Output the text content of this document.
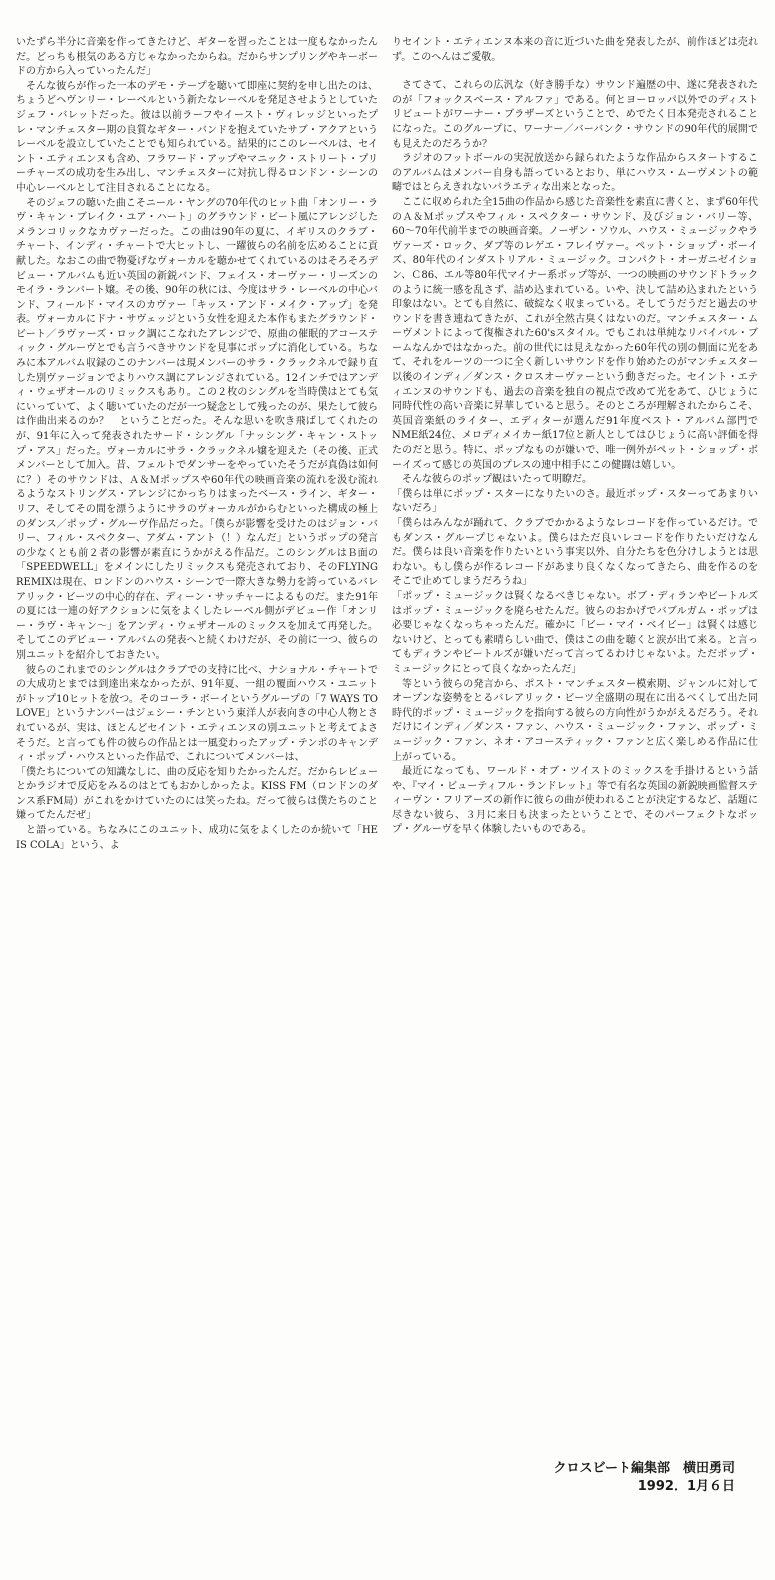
いたずら半分に音楽を作ってきたけど、ギターを習ったことは一度もなかったんだ。どっちも根気のある方じゃなかったからね。だからサンプリングやキーボードの方から入っていったんだ」

そんな彼らが作った一本のデモ・テープを聴いて即座に契約を申し出たのは、ちょうどヘヴンリー・レーベルという新たなレーベルを発足させようとしていたジェフ・バレットだった。彼は以前ラーフやイースト・ヴィレッジといったプレ・マンチェスター期の良質なギター・バンドを抱えていたサブ・アクアというレーベルを設立していたことでも知られている。結果的にこのレーベルは、セイント・エティエンヌも含め、フラワード・アップやマニック・ストリート・プリーチャーズの成功を生み出し、マンチェスターに対抗し得るロンドン・シーンの中心レーベルとして注目されることになる。

そのジェフの聴いた曲こそニール・ヤングの70年代のヒット曲「オンリー・ラヴ・キャン・ブレイク・ユア・ハート」のグラウンド・ビート風にアレンジしたメランコリックなカヴァーだった。この曲は90年の夏に、イギリスのクラブ・チャート、インディ・チャートで大ヒットし、一躍彼らの名前を広めることに貢献した。なおこの曲で物憂げなヴォーカルを聴かせてくれているのはそろそろデビュー・アルバムも近い英国の新鋭バンド、フェイス・オーヴァー・リーズンのモイラ・ランバート嬢。その後、90年の秋には、今度はサラ・レーベルの中心バンド、フィールド・マイスのカヴァー「キッス・アンド・メイク・アップ」を発表。ヴォーカルにドナ・サヴェッジという女性を迎えた本作もまたグラウンド・ビート／ラヴァーズ・ロック調にこなれたアレンジで、原曲の催眠的アコースティック・グルーヴとでも言うべきサウンドを見事にポップに消化している。ちなみに本アルバム収録のこのナンバーは現メンバーのサラ・クラックネルで録り直した別ヴァージョンでよりハウス調にアレンジされている。12インチではアンディ・ウェザオールのリミックスもあり。この２枚のシングルを当時僕はとても気にいっていて、よく聴いていたのだが一つ疑念として残ったのが、果たして彼らは作曲出来るのか？　ということだった。そんな思いを吹き飛ばしてくれたのが、91年に入って発表されたサード・シングル「ナッシング・キャン・ストップ・アス」だった。ヴォーカルにサラ・クラックネル嬢を迎えた（その後、正式メンバーとして加入。昔、フェルトでダンサーをやっていたそうだが真偽は如何に？）そのサウンドは、Ａ＆Ｍポップスや60年代の映画音楽の流れを汲む流れるようなストリングス・アレンジにかっちりはまったベース・ライン、ギター・リフ、そしてその間を漂うようにサラのヴォーカルがからむといった構成の極上のダンス／ポップ・グルーヴ作品だった。「僕らが影響を受けたのはジョン・バリー、フィル・スペクター、アダム・アント（！）なんだ」というポップの発言の少なくとも前２者の影響が素直にうかがえる作品だ。このシングルはＢ面の「SPEEDWELL」をメインにしたリミックスも発売されており、そのFLYING REMIXは現在、ロンドンのハウス・シーンで一際大きな勢力を誇っているバレアリック・ビーツの中心的存在、ディーン・サッチャーによるものだ。また91年の夏には一連の好アクションに気をよくしたレーベル側がデビュー作「オンリー・ラヴ・キャン〜」をアンディ・ウェザオールのミックスを加えて再発した。そしてこのデビュー・アルバムの発表へと続くわけだが、その前に一つ、彼らの別ユニットを紹介しておきたい。

彼らのこれまでのシングルはクラブでの支持に比べ、ナショナル・チャートでの大成功とまでは到達出来なかったが、91年夏、一組の覆面ハウス・ユニットがトップ10ヒットを放つ。そのコーラ・ボーイというグループの「7 WAYS TO LOVE」というナンバーはジェシー・チンという東洋人が表向きの中心人物とされているが、実は、ほとんどセイント・エティエンヌの別ユニットと考えてよさそうだ。と言っても件の彼らの作品とは一風変わったアップ・テンポのキャンディ・ポップ・ハウスといった作品で、これについてメンバーは、

「僕たちについての知識なしに、曲の反応を知りたかったんだ。だからレビューとかラジオで反応をみるのはとてもおかしかったよ。KISS FM（ロンドンのダンス系FM局）がこれをかけていたのには笑ったね。だって彼らは僕たちのこと嫌ってたんだぜ」

と語っている。ちなみにこのユニット、成功に気をよくしたのか続いて「HE IS COLA」という、よ

りセイント・エティエンヌ本来の音に近づいた曲を発表したが、前作ほどは売れず。このへんはご愛敬。

さてさて、これらの広汎な（好き勝手な）サウンド遍歴の中、遂に発表されたのが「フォックスベース・アルファ」である。何とヨーロッパ以外でのディストリビュートがワーナー・ブラザーズということで、めでたく日本発売されることになった。このグループに、ワーナー／バーバンク・サウンドの90年代的展開でも見えたのだろうか？

ラジオのフットボールの実況放送から録られたような作品からスタートするこのアルバムはメンバー自身も語っているとおり、単にハウス・ムーヴメントの範疇ではとらえきれないバラエティな出来となった。

ここに収められた全15曲の作品から感じた音楽性を素直に書くと、まず60年代のＡ＆Ｍポップスやフィル・スペクター・サウンド、及びジョン・バリー等、60〜70年代前半までの映画音楽。ノーザン・ソウル、ハウス・ミュージックやラヴァーズ・ロック、ダブ等のレゲエ・フレイヴァー。ペット・ショップ・ボーイズ、80年代のインダストリアル・ミュージック。コンパクト・オーガニゼイション、Ｃ86、エル等80年代マイナー系ポップ等が、一つの映画のサウンドトラックのように統一感を乱さず、詰め込まれている。いや、決して詰め込まれたという印象はない。とても自然に、破綻なく収まっている。そしてうだうだと過去のサウンドを書き連ねてきたが、これが全然古臭くはないのだ。マンチェスター・ムーヴメントによって復権された60'sスタイル。でもこれは単純なリバイバル・ブームなんかではなかった。前の世代には見えなかった60年代の別の側面に光をあて、それをルーツの一つに全く新しいサウンドを作り始めたのがマンチェスター以後のインディ／ダンス・クロスオーヴァーという動きだった。セイント・エティエンヌのサウンドも、過去の音楽を独自の視点で改めて光をあて、ひじょうに同時代性の高い音楽に昇華していると思う。そのところが理解されたからこそ、英国音楽紙のライター、エディターが選んだ91年度ベスト・アルバム部門でNME紙24位、メロディメイカー紙17位と新人としてはひじょうに高い評価を得たのだと思う。特に、ポップなものが嫌いで、唯一例外がペット・ショップ・ボーイズって感じの英国のプレスの連中相手にこの健闘は嬉しい。

そんな彼らのポップ観はいたって明瞭だ。

「僕らは単にポップ・スターになりたいのさ。最近ポップ・スターってあまりいないだろ」

「僕らはみんなが踊れて、クラブでかかるようなレコードを作っているだけ。でもダンス・グループじゃないよ。僕らはただ良いレコードを作りたいだけなんだ。僕らは良い音楽を作りたいという事実以外、自分たちを色分けしようとは思わない。もし僕らが作るレコードがあまり良くなくなってきたら、曲を作るのをそこで止めてしまうだろうね」

「ポップ・ミュージックは賢くなるべきじゃない。ボブ・ディランやビートルズはポップ・ミュージックを廃らせたんだ。彼らのおかげでバブルガム・ポップは必要じゃなくなっちゃったんだ。確かに「ビー・マイ・ベイビー」は賢くは感じないけど、とっても素晴らしい曲で、僕はこの曲を聴くと涙が出て来る。と言ってもディランやビートルズが嫌いだって言ってるわけじゃないよ。ただポップ・ミュージックにとって良くなかったんだ」

等という彼らの発言から、ポスト・マンチェスター模索期、ジャンルに対してオープンな姿勢をとるバレアリック・ビーツ全盛期の現在に出るべくして出た同時代的ポップ・ミュージックを指向する彼らの方向性がうかがえるだろう。それだけにインディ／ダンス・ファン、ハウス・ミュージック・ファン、ポップ・ミュージック・ファン、ネオ・アコースティック・ファンと広く楽しめる作品に仕上がっている。

最近になっても、ワールド・オブ・ツイストのミックスを手掛けるという話や、『マイ・ビューティフル・ランドレット』等で有名な英国の新鋭映画監督スティーヴン・フリアーズの新作に彼らの曲が使われることが決定するなど、話題に尽きない彼ら、３月に来日も決まったということで、そのパーフェクトなポップ・グルーヴを早く体験したいものである。

クロスビート編集部　横田勇司
1992．1月６日
